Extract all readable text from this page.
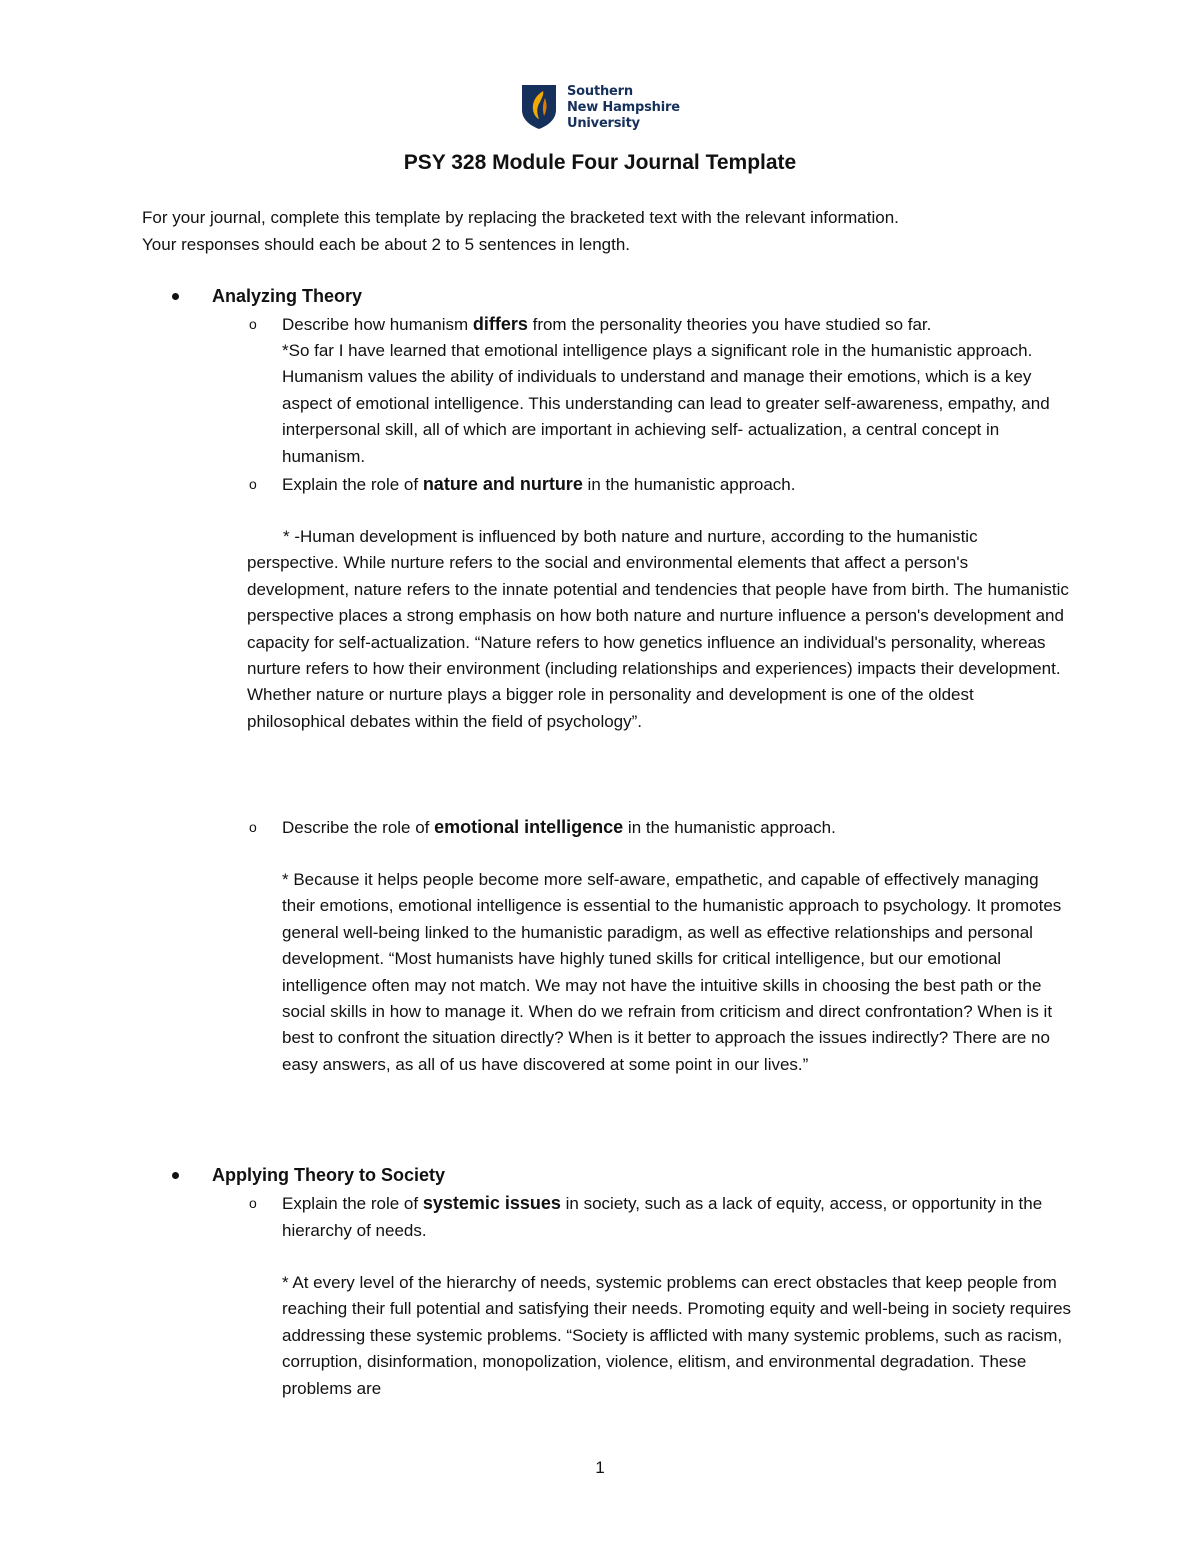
Southern
New Hampshire
University
PSY 328 Module Four Journal Template

For your journal, complete this template by replacing the bracketed text with the relevant information.

Your responses should each be about 2 to 5 sentences in length.

Analyzing Theory
o Describe how humanism differs from the personality theories you have studied so far.

*So far I have learned that emotional intelligence plays a significant role in the humanistic approach. Humanism values the ability of individuals to understand and manage their emotions, which is a key aspect of emotional intelligence. This understanding can lead to greater self-awareness, empathy, and interpersonal skill, all of which are important in achieving self- actualization, a central concept in humanism.

o Explain the role of nature and nurture in the humanistic approach.

* -Human development is influenced by both nature and nurture, according to the humanistic perspective. While nurture refers to the social and environmental elements that affect a person's development, nature refers to the innate potential and tendencies that people have from birth. The humanistic perspective places a strong emphasis on how both nature and nurture influence a person's development and capacity for self-actualization. “Nature refers to how genetics influence an individual's personality, whereas nurture refers to how their environment (including relationships and experiences) impacts their development. Whether nature or nurture plays a bigger role in personality and development is one of the oldest philosophical debates within the field of psychology”.

o Describe the role of emotional intelligence in the humanistic approach.

* Because it helps people become more self-aware, empathetic, and capable of effectively managing their emotions, emotional intelligence is essential to the humanistic approach to psychology. It promotes general well-being linked to the humanistic paradigm, as well as effective relationships and personal development. “Most humanists have highly tuned skills for critical intelligence, but our emotional intelligence often may not match. We may not have the intuitive skills in choosing the best path or the social skills in how to manage it. When do we refrain from criticism and direct confrontation? When is it best to confront the situation directly? When is it better to approach the issues indirectly? There are no easy answers, as all of us have discovered at some point in our lives.”

Applying Theory to Society
o Explain the role of systemic issues in society, such as a lack of equity, access, or opportunity in the hierarchy of needs.

* At every level of the hierarchy of needs, systemic problems can erect obstacles that keep people from reaching their full potential and satisfying their needs. Promoting equity and well-being in society requires addressing these systemic problems. “Society is afflicted with many systemic problems, such as racism, corruption, disinformation, monopolization, violence, elitism, and environmental degradation. These problems are

1
